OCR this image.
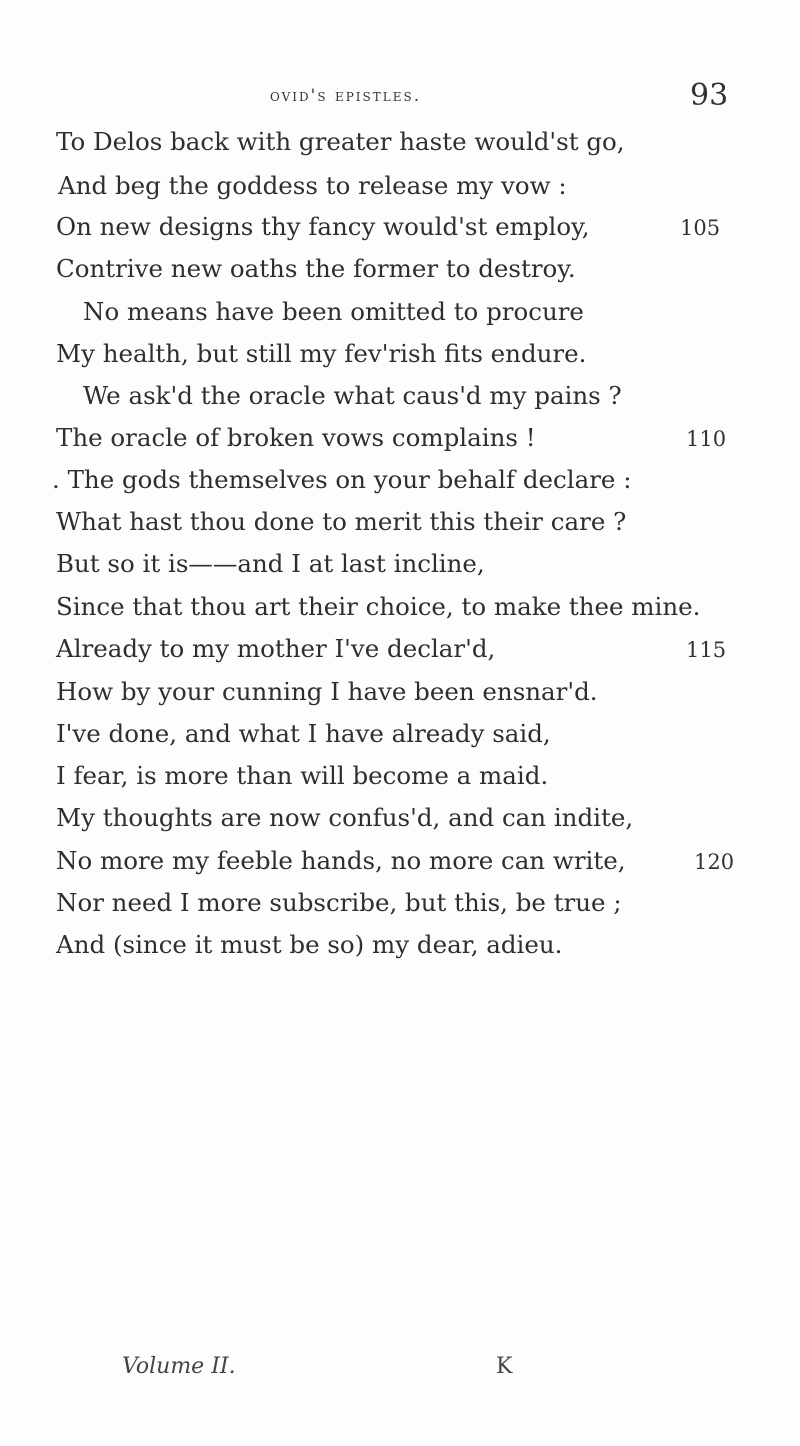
ovid's epistles.	93
To Delos back with greater haste would'st go,
And beg the goddess to release my vow :
On new designs thy fancy would'st employ,	105
Contrive new oaths the former to destroy.
No means have been omitted to procure
My health, but still my fev'rish fits endure.
We ask'd the oracle what caus'd my pains ?
The oracle of broken vows complains !	110
. The gods themselves on your behalf declare :
What hast thou done to merit this their care ?
But so it is——and I at last incline,
Since that thou art their choice, to make thee mine.
Already to my mother I've declar'd,	115
How by your cunning I have been ensnar'd.
I've done, and what I have already said,
I fear, is more than will become a maid.
My thoughts are now confus'd, and can indite,
No more my feeble hands, no more can write,	120
Nor need I more subscribe, but this, be true ;
And (since it must be so) my dear, adieu.
Volume II.	K
